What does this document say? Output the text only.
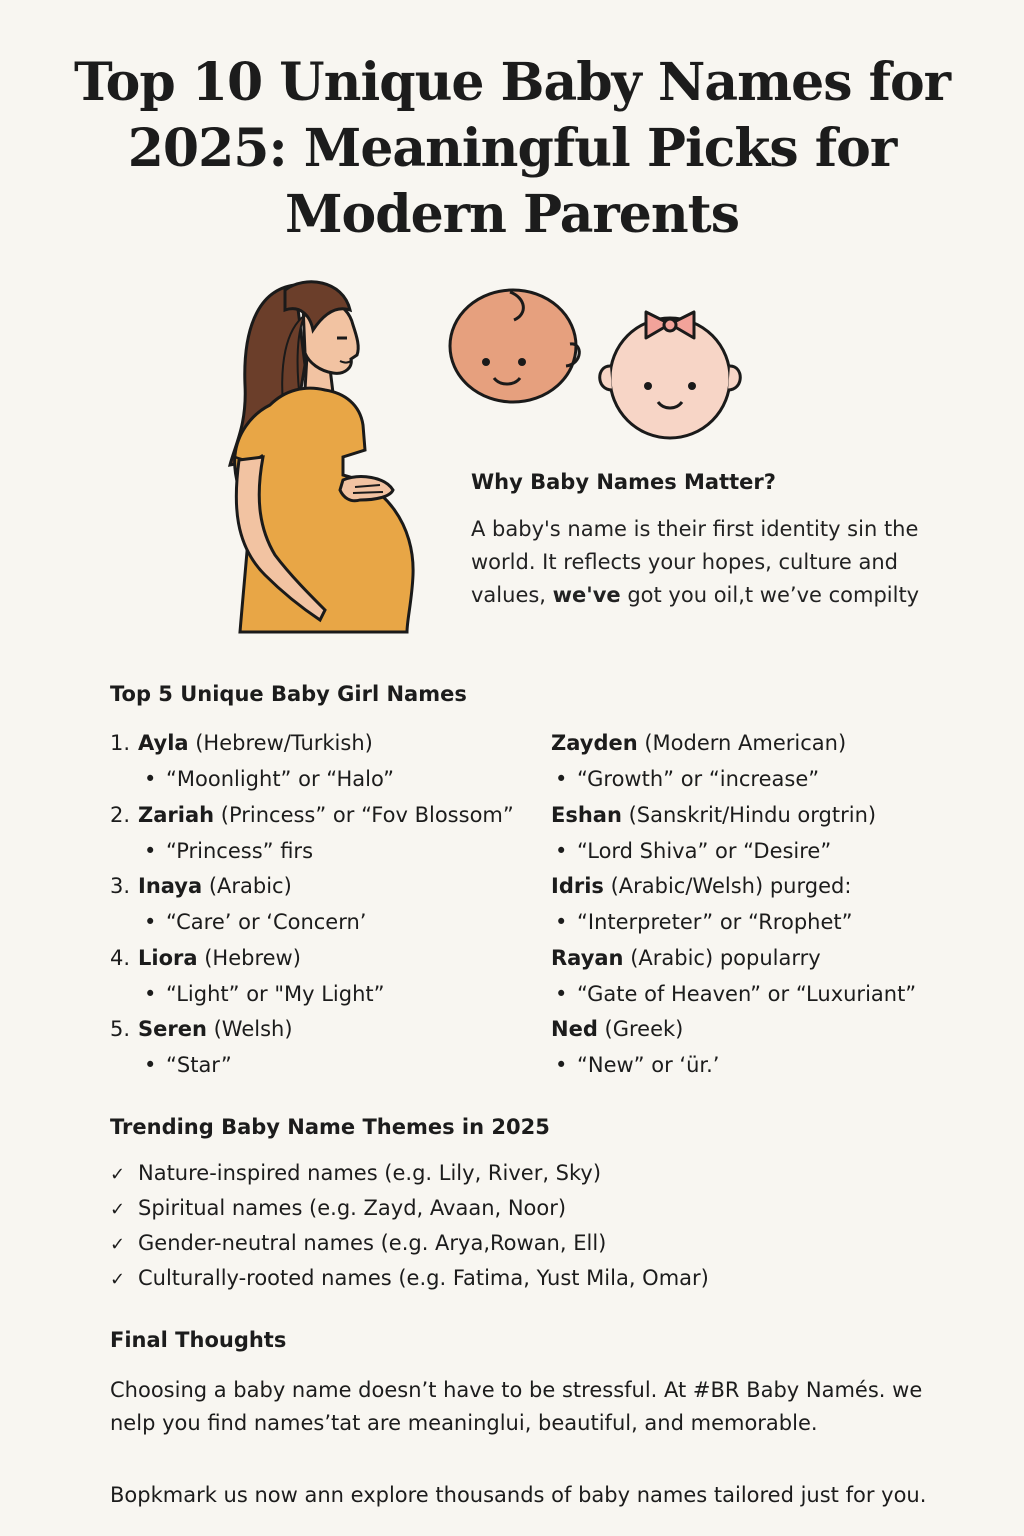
Top 10 Unique Baby Names for 2025: Meaningful Picks for Modern Parents
Why Baby Names Matter?

A baby's name is their first identity sin the world. It reflects your hopes, culture and values, we've got you oil,t we’ve compilty

Top 5 Unique Baby Girl Names
1. Ayla (Hebrew/Turkish)
• “Moonlight” or “Halo”
2. Zariah (Princess” or “Fov Blossom”
• “Princess” firs
3. Inaya (Arabic)
• “Care’ or ‘Concern’
4. Liora (Hebrew)
• “Light” or "My Light”
5. Seren (Welsh)
• “Star”
Zayden (Modern American)
• “Growth” or “increase”
Eshan (Sanskrit/Hindu orgtrin)
• “Lord Shiva” or “Desire”
Idris (Arabic/Welsh) purged:
• “Interpreter” or “Rrophet”
Rayan (Arabic) popularry
• “Gate of Heaven” or “Luxuriant”
Ned (Greek)
• “New” or ‘ür.’
Trending Baby Name Themes in 2025
✓ Nature-inspired names (e.g. Lily, River, Sky)
✓ Spiritual names (e.g. Zayd, Avaan, Noor)
✓ Gender-neutral names (e.g. Arya,Rowan, Ell)
✓ Culturally-rooted names (e.g. Fatima, Yust Mila, Omar)
Final Thoughts

Choosing a baby name doesn’t have to be stressful. At #BR Baby Namés. we nelp you find names’tat are meaninglui, beautiful, and memorable.

Bopkmark us now ann explore thousands of baby names tailored just for you.
